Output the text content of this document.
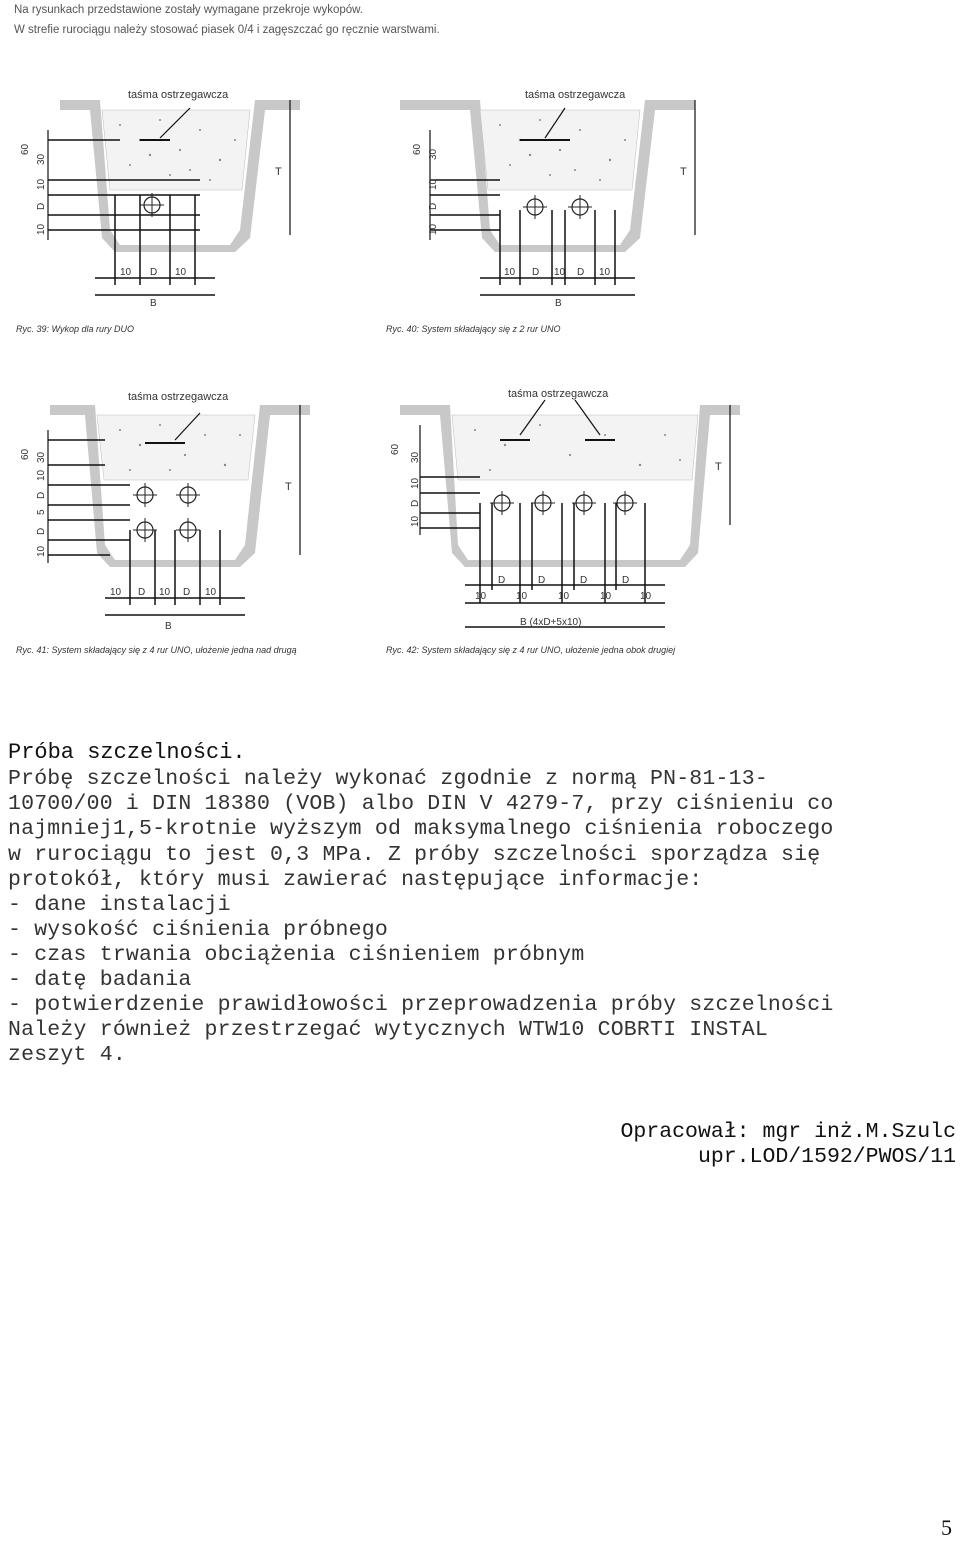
Na rysunkach przedstawione zostały wymagane przekroje wykopów.
W strefie rurociągu należy stosować piasek 0/4 i zagęszczać go ręcznie warstwami.
taśma ostrzegawcza
T
60
30
10
D
10
10 D 10
B
Ryc. 39: Wykop dla rury DUO
taśma ostrzegawcza
T
60 30
10
D
10
10 D 10 D 10
B
Ryc. 40: System składający się z 2 rur UNO
taśma ostrzegawcza
T
60 30
10
D
5
D
10
10 D 10 D 10
B
Ryc. 41: System składający się z 4 rur UNO, ułożenie jedna nad drugą
taśma ostrzegawcza
T
60
30
10
D
10
D	D	D	D
10	10	10	10	10
B (4xD+5x10)
Ryc. 42: System składający się z 4 rur UNO, ułożenie jedna obok drugiej
Próba szczelności.
Próbę szczelności należy wykonać zgodnie z normą PN-81-13-
10700/00 i DIN 18380 (VOB) albo DIN V 4279-7, przy ciśnieniu co
najmniej1,5-krotnie wyższym od maksymalnego ciśnienia roboczego
w rurociągu to jest 0,3 MPa. Z próby szczelności sporządza się
protokół, który musi zawierać następujące informacje:
- dane instalacji
- wysokość ciśnienia próbnego
- czas trwania obciążenia ciśnieniem próbnym
- datę badania
- potwierdzenie prawidłowości przeprowadzenia próby szczelności
Należy również przestrzegać wytycznych WTW10 COBRTI INSTAL
zeszyt 4.
Opracował: mgr inż.M.Szulc
upr.LOD/1592/PWOS/11
5
